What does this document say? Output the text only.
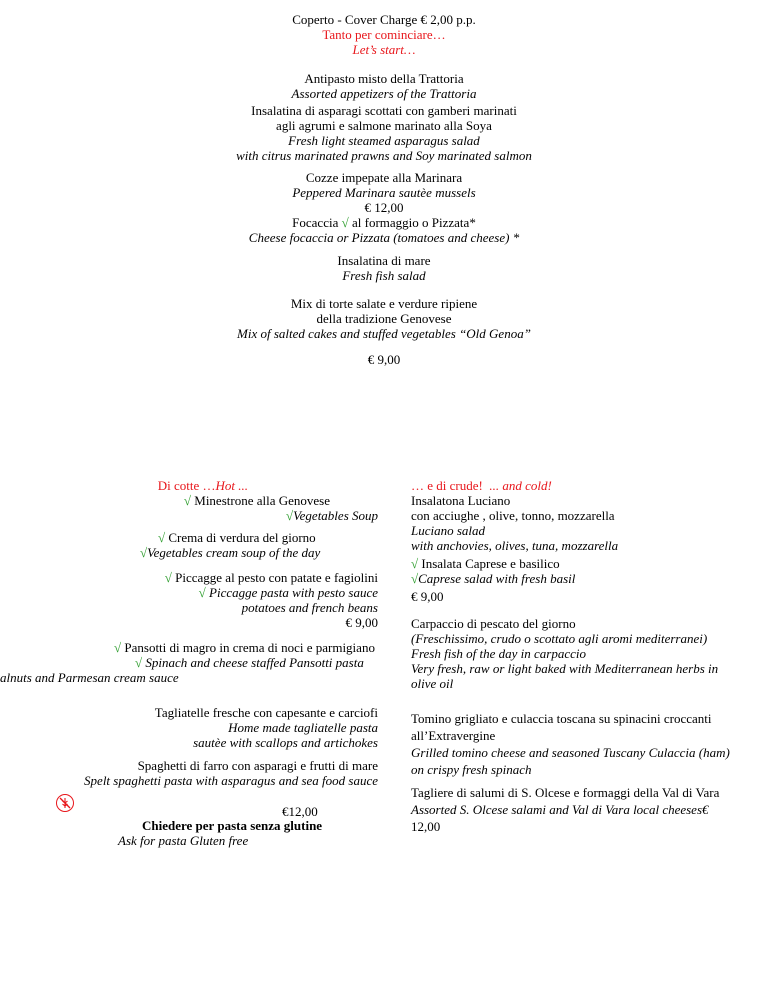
Coperto - Cover Charge € 2,00 p.p.
Tanto per cominciare…
Let’s start…
Antipasto misto della Trattoria
Assorted appetizers of the Trattoria
Insalatina di asparagi scottati con gamberi marinati
agli agrumi e salmone marinato alla Soya
Fresh light steamed asparagus salad
with citrus marinated prawns and Soy marinated salmon
Cozze impepate alla Marinara
Peppered Marinara sautèe mussels
€ 12,00
Focaccia √ al formaggio o Pizzata*
Cheese focaccia or Pizzata (tomatoes and cheese) *
Insalatina di mare
Fresh fish salad
Mix di torte salate e verdure ripiene
della tradizione Genovese
Mix of salted cakes and stuffed vegetables “Old Genoa”
€ 9,00
Di cotte …Hot ...
√ Minestrone alla Genovese
√Vegetables Soup
√ Crema di verdura del giorno
√Vegetables cream soup of the day
√ Piccagge al pesto con patate e fagiolini
√ Piccagge pasta with pesto sauce
potatoes and french beans
€ 9,00
√ Pansotti di magro in crema di noci e parmigiano
√ Spinach and cheese staffed Pansotti pasta
alnuts and Parmesan cream sauce
Tagliatelle fresche con capesante e carciofi
Home made tagliatelle pasta
sautèe with scallops and artichokes
Spaghetti di farro con asparagi e frutti di mare
Spelt spaghetti pasta with asparagus and sea food sauce
€12,00
Chiedere per pasta senza glutine
Ask for pasta Gluten free
… e di crude! ... and cold!
Insalatona Luciano
con acciughe , olive, tonno, mozzarella
Luciano salad
with anchovies, olives, tuna, mozzarella
√ Insalata Caprese e basilico
√Caprese salad with fresh basil
€ 9,00
Carpaccio di pescato del giorno
(Freschissimo, crudo o scottato agli aromi mediterranei)
Fresh fish of the day in carpaccio
Very fresh, raw or light baked with Mediterranean herbs in
olive oil
Tomino grigliato e culaccia toscana su spinacini croccanti
all’Extravergine
Grilled tomino cheese and seasoned Tuscany Culaccia (ham)
on crispy fresh spinach
Tagliere di salumi di S. Olcese e formaggi della Val di Vara
Assorted S. Olcese salami and Val di Vara local cheeses€
12,00
